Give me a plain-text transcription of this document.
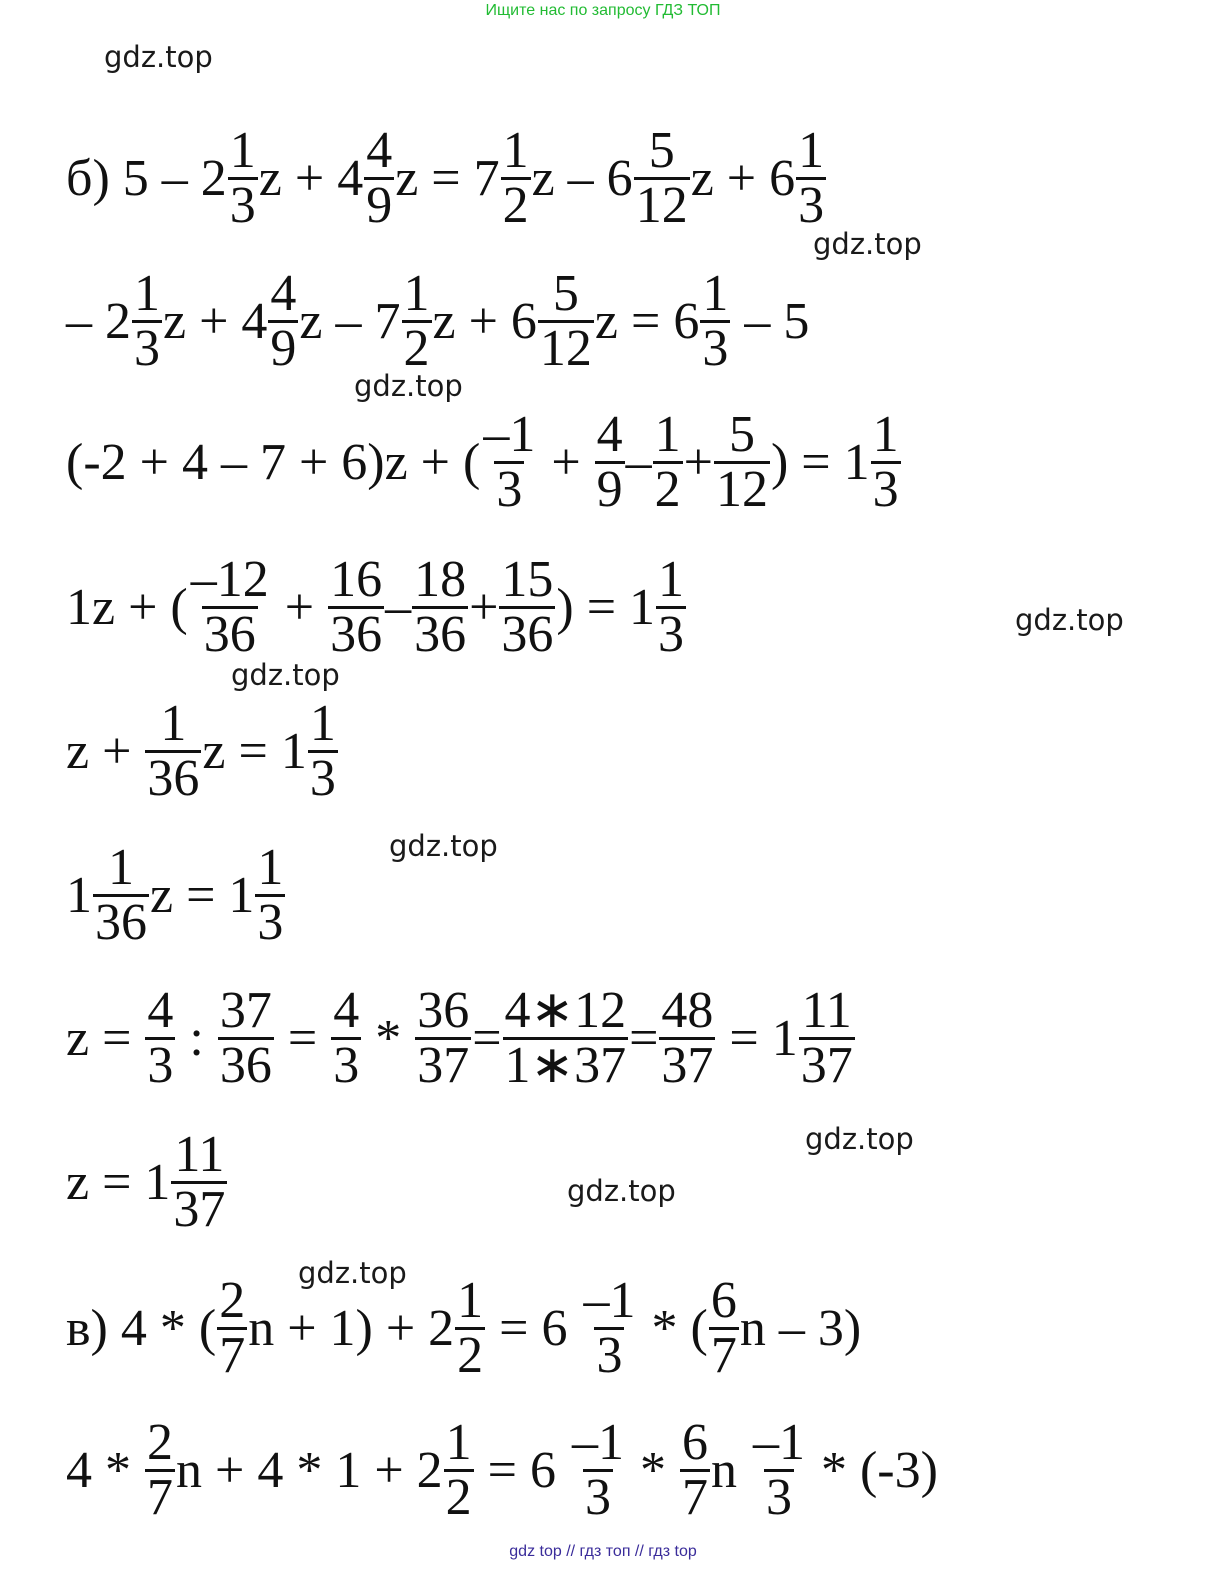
Ищите нас по запросу ГДЗ ТОП
gdz.top
gdz.top
gdz.top
gdz.top
gdz.top
gdz.top
gdz.top
gdz.top
gdz.top
б) $5 - 2 \frac{1}{3}$ $z + 4 \frac{4}{9}$ $z = 7 \frac{1}{2}$ z – $6 \frac{5}{12}$ $z + 6 \frac{1}{3}$
– $2 \frac{1}{3}$ $z + 4 \frac{4}{9}$ z – $7 \frac{1}{2}$ $z + 6 \frac{5}{12}$ $z = 6 \frac{1}{3} - 5$
(-2 + 4 – 7 + 6)z + ( $\frac{-1}{3} + \frac{4}{9} - \frac{1}{2} + \frac{5}{12}$ ) = $1 \frac{1}{3}$
1z + ( $\frac{-12}{36} + \frac{16}{36} - \frac{18}{36} + \frac{15}{36}$ ) = $1 \frac{1}{3}$
$z + \frac{1}{36}$ $z = 1 \frac{1}{3}$
$1 \frac{1}{36}$ $z = 1 \frac{1}{3}$
$z = \frac{4}{3}$ : $\frac{37}{36} = \frac{4}{3} * \frac{36}{37} = \frac{4∗12}{1∗37} = \frac{48}{37} = 1 \frac{11}{37}$
$z = 1 \frac{11}{37}$
в) 4 * ( $\frac{2}{7}$ $n + 1) + 2 \frac{1}{2} = 6 \frac{-1}{3}$ * ( $\frac{6}{7}$ n – 3)
$4 * \frac{2}{7}$ $n + 4 * 1 + 2 \frac{1}{2} = 6 \frac{-1}{3} * \frac{6}{7}$ n $\frac{-1}{3} * (-3)$
gdz top // гдз топ // гдз top
